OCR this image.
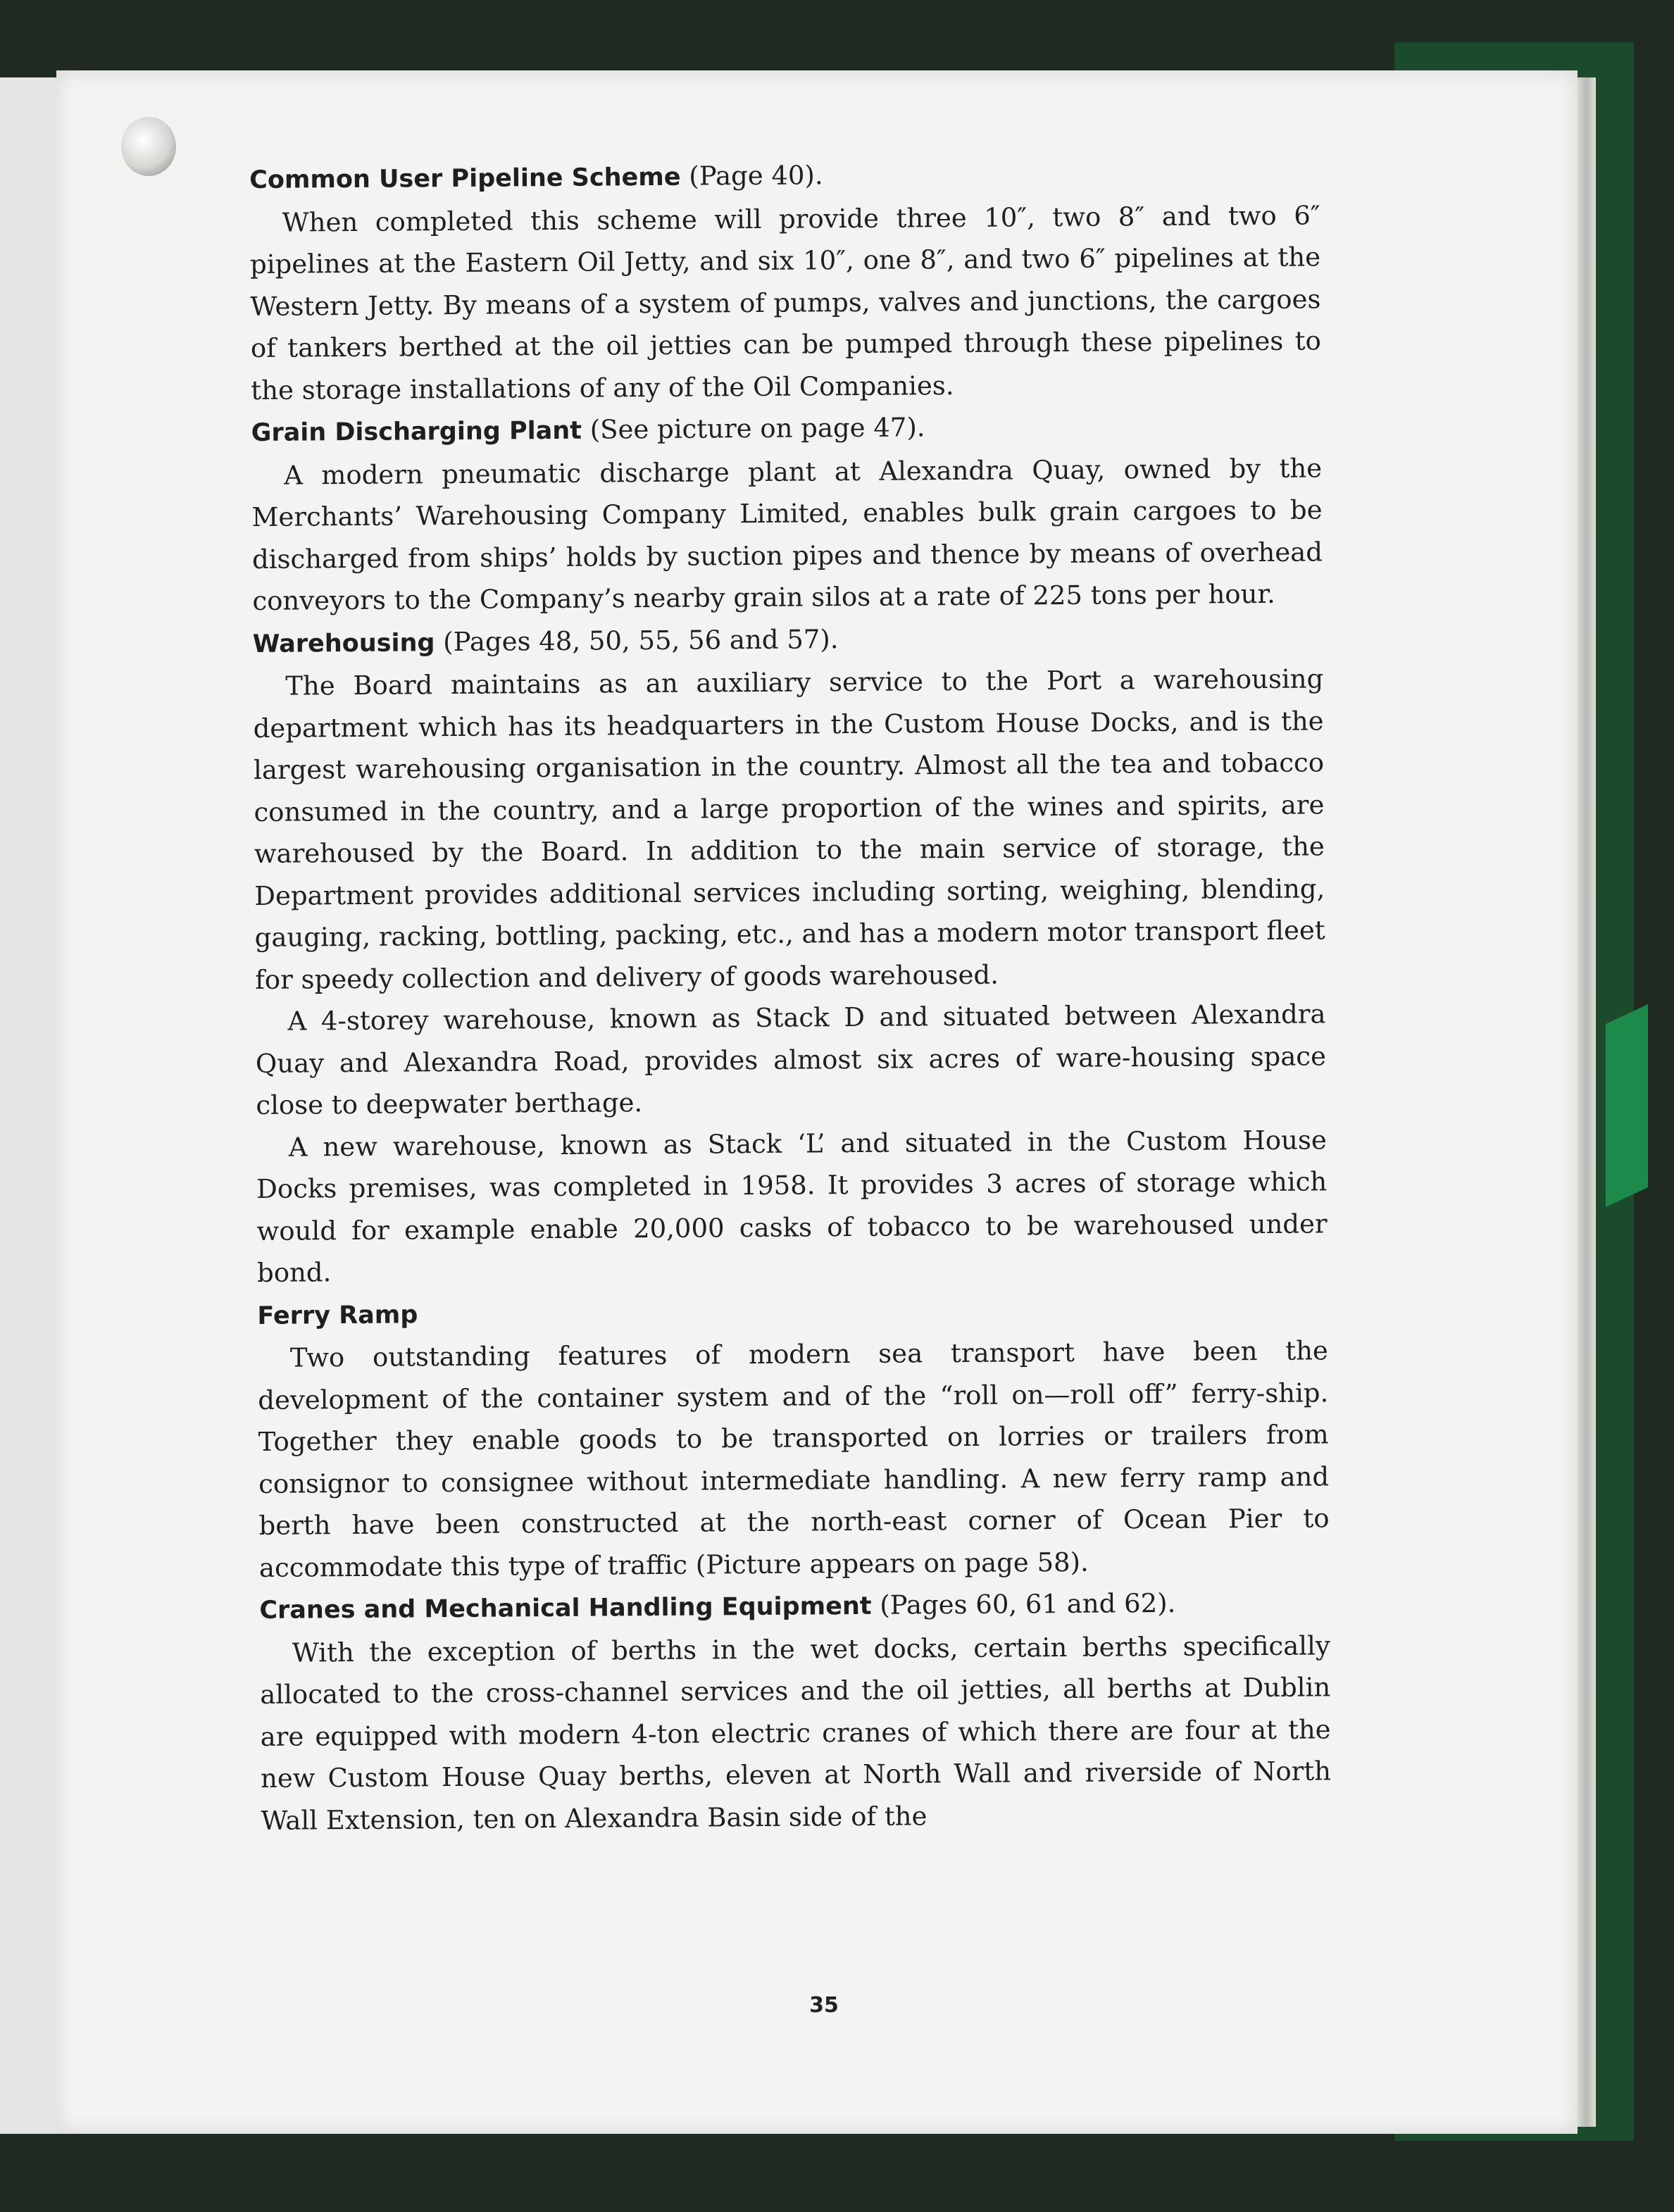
Common User Pipeline Scheme (Page 40).

When completed this scheme will provide three 10″, two 8″ and two 6″ pipelines at the Eastern Oil Jetty, and six 10″, one 8″, and two 6″ pipelines at the Western Jetty. By means of a system of pumps, valves and junctions, the cargoes of tankers berthed at the oil jetties can be pumped through these pipelines to the storage installations of any of the Oil Companies.

Grain Discharging Plant (See picture on page 47).

A modern pneumatic discharge plant at Alexandra Quay, owned by the Merchants’ Warehousing Company Limited, enables bulk grain cargoes to be discharged from ships’ holds by suction pipes and thence by means of overhead conveyors to the Company’s nearby grain silos at a rate of 225 tons per hour.

Warehousing (Pages 48, 50, 55, 56 and 57).

The Board maintains as an auxiliary service to the Port a warehousing department which has its headquarters in the Custom House Docks, and is the largest warehousing organisation in the country. Almost all the tea and tobacco consumed in the country, and a large proportion of the wines and spirits, are warehoused by the Board. In addition to the main service of storage, the Department provides additional services including sorting, weighing, blending, gauging, racking, bottling, packing, etc., and has a modern motor transport fleet for speedy collection and delivery of goods warehoused.

A 4-storey warehouse, known as Stack D and situated between Alexandra Quay and Alexandra Road, provides almost six acres of ware-housing space close to deepwater berthage.

A new warehouse, known as Stack ‘L’ and situated in the Custom House Docks premises, was completed in 1958. It provides 3 acres of storage which would for example enable 20,000 casks of tobacco to be warehoused under bond.

Ferry Ramp

Two outstanding features of modern sea transport have been the development of the container system and of the “roll on—roll off” ferry-ship. Together they enable goods to be transported on lorries or trailers from consignor to consignee without intermediate handling. A new ferry ramp and berth have been constructed at the north-east corner of Ocean Pier to accommodate this type of traffic (Picture appears on page 58).

Cranes and Mechanical Handling Equipment (Pages 60, 61 and 62).

With the exception of berths in the wet docks, certain berths specifically allocated to the cross-channel services and the oil jetties, all berths at Dublin are equipped with modern 4-ton electric cranes of which there are four at the new Custom House Quay berths, eleven at North Wall and riverside of North Wall Extension, ten on Alexandra Basin side of the

35
